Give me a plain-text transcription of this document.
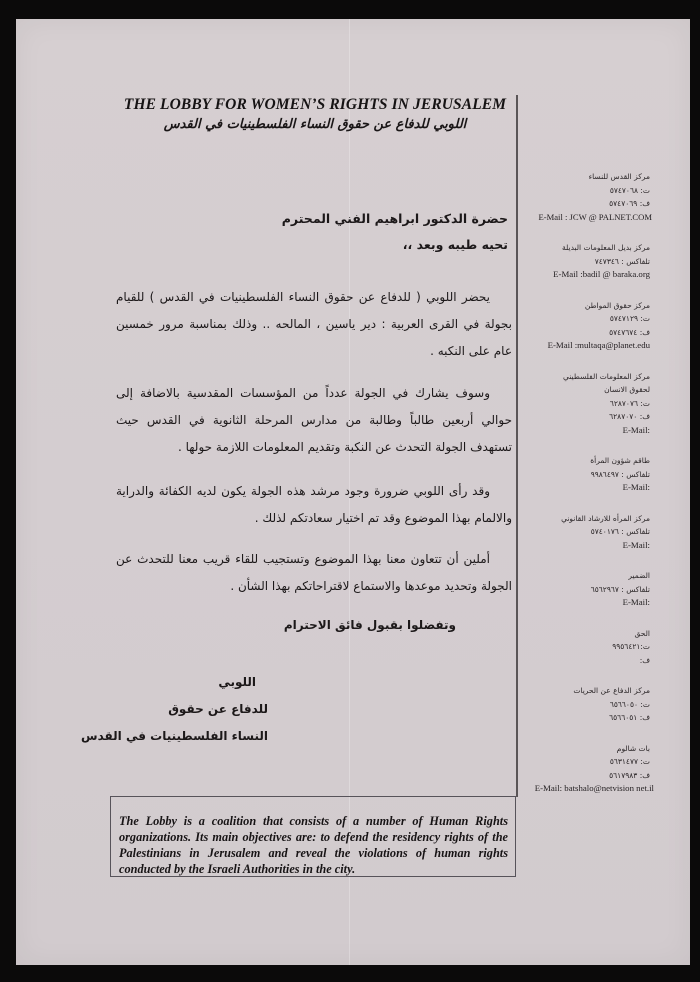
THE LOBBY FOR WOMEN’S RIGHTS IN JERUSALEM
اللوبي للدفاع عن حقوق النساء الفلسطينيات في القدس
حضرة الدكتور ابراهيم الفني المحترم
تحيه طيبه وبعد ،،
يحضر اللوبي ( للدفاع عن حقوق النساء الفلسطينيات في القدس ) للقيام بجولة في القرى العربية : دير ياسين ، المالحه .. وذلك بمناسبة مرور خمسين عام على النكبه .
وسوف يشارك في الجولة عدداً من المؤسسات المقدسية بالاضافة إلى حوالي أربعين طالباً وطالبة من مدارس المرحلة الثانوية في القدس حيث تستهدف الجولة التحدث عن النكبة وتقديم المعلومات اللازمة حولها .
وقد رأى اللوبي ضرورة وجود مرشد هذه الجولة يكون لديه الكفائة والدراية والالمام بهذا الموضوع وقد تم اختيار سعادتكم لذلك .
أملين أن تتعاون معنا بهذا الموضوع وتستجيب للقاء قريب معنا للتحدث عن الجولة وتحديد موعدها والاستماع لاقتراحاتكم بهذا الشأن .
وتفضلوا بقبول فائق الاحترام
اللوبي
للدفاع عن حقوق
النساء الفلسطينيات في القدس
The Lobby is a coalition that consists of a number of Human Rights organizations. Its main objectives are: to defend the residency rights of the Palestinians in Jerusalem and reveal the violations of human rights conducted by the Israeli Authorities in the city.
مركز القدس للنساء
ت: ٥٧٤٧٠٦٨
ف: ٥٧٤٧٠٦٩
E-Mail : JCW @ PALNET.COM
مركز بديل المعلومات البديلة
تلفاكس : ٧٤٧٣٤٦
E-Mail :badil @ baraka.org
مركز حقوق المواطن
ت: ٥٧٤٧١٢٩
ف: ٥٧٤٧٦٧٤
E-Mail :multaqa@planet.edu
مركز المعلومات الفلسطيني
لحقوق الانسان
ت: ٦٢٨٧٠٧٦
ف: ٦٢٨٧٠٧٠
E-Mail:
طاقم شؤون المرأة
تلفاكس : ٩٩٨٦٤٩٧
E-Mail:
مركز المرأه للارشاد القانوني
تلفاكس : ٥٧٤٠١٧٦
E-Mail:
الضمير
تلفاكس : ٦٥٦٢٩٦٧
E-Mail:
الحق
ت:٩٩٥٦٤٢١
ف:
مركز الدفاع عن الحريات
ت: ٦٥٦٦٠٥٠
ف: ٦٥٦٦٠٥١
بات شالوم
ت: ٥٦٣١٤٧٧
ف: ٥٦١٧٩٨٣
E-Mail: batshalo@netvision net.il
